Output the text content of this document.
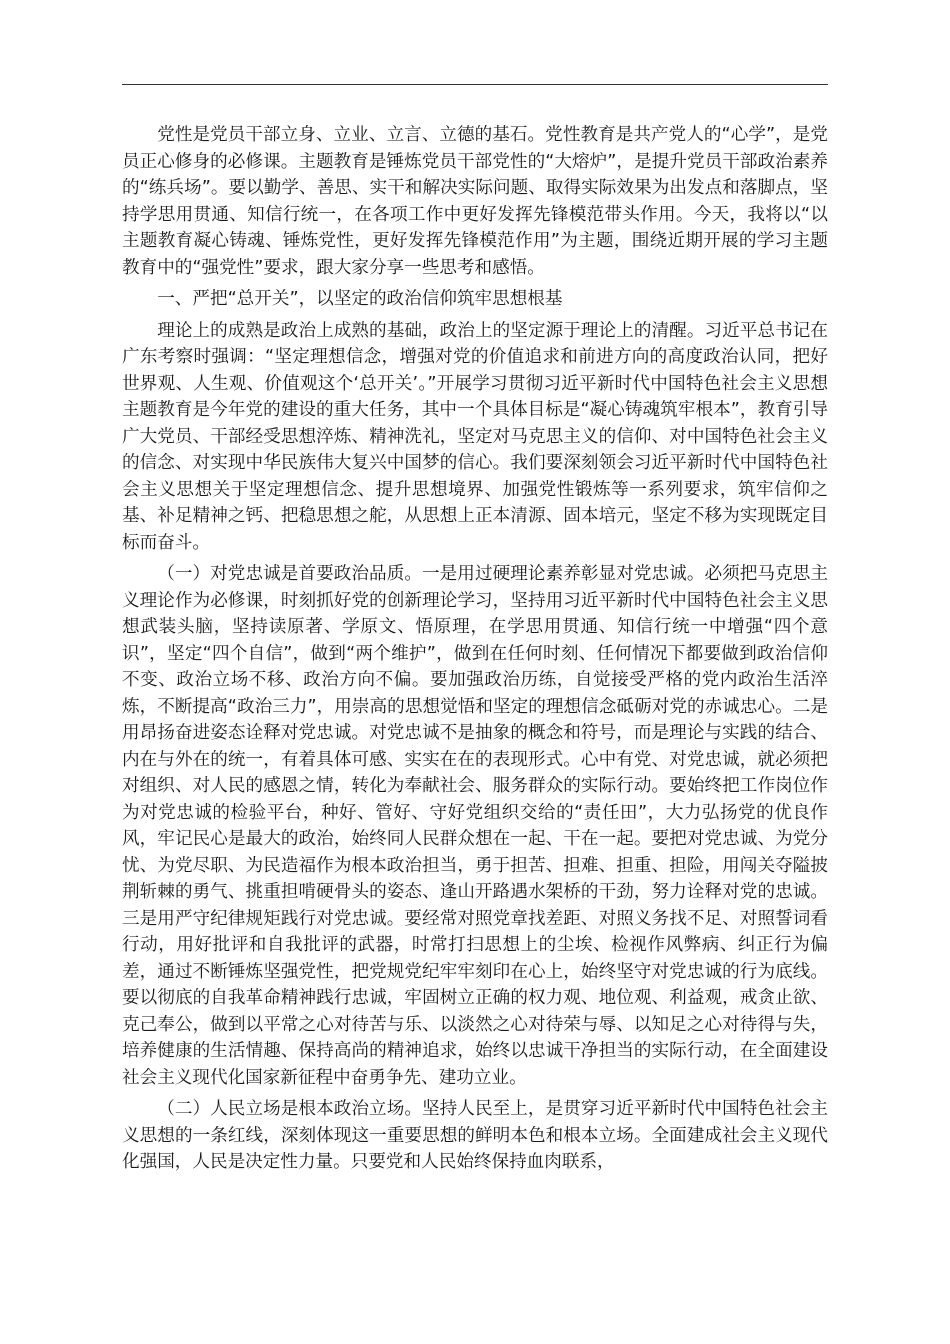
党性是党员干部立身、立业、立言、立德的基石。党性教育是共产党人的“心学”，是党员正心修身的必修课。主题教育是锤炼党员干部党性的“大熔炉”，是提升党员干部政治素养的“练兵场”。要以勤学、善思、实干和解决实际问题、取得实际效果为出发点和落脚点，坚持学思用贯通、知信行统一，在各项工作中更好发挥先锋模范带头作用。今天，我将以“以主题教育凝心铸魂、锤炼党性，更好发挥先锋模范作用”为主题，围绕近期开展的学习主题教育中的“强党性”要求，跟大家分享一些思考和感悟。

一、严把“总开关”，以坚定的政治信仰筑牢思想根基

理论上的成熟是政治上成熟的基础，政治上的坚定源于理论上的清醒。习近平总书记在广东考察时强调：“坚定理想信念，增强对党的价值追求和前进方向的高度政治认同，把好世界观、人生观、价值观这个‘总开关’。”开展学习贯彻习近平新时代中国特色社会主义思想主题教育是今年党的建设的重大任务，其中一个具体目标是“凝心铸魂筑牢根本”，教育引导广大党员、干部经受思想淬炼、精神洗礼，坚定对马克思主义的信仰、对中国特色社会主义的信念、对实现中华民族伟大复兴中国梦的信心。我们要深刻领会习近平新时代中国特色社会主义思想关于坚定理想信念、提升思想境界、加强党性锻炼等一系列要求，筑牢信仰之基、补足精神之钙、把稳思想之舵，从思想上正本清源、固本培元，坚定不移为实现既定目标而奋斗。

（一）对党忠诚是首要政治品质。一是用过硬理论素养彰显对党忠诚。必须把马克思主义理论作为必修课，时刻抓好党的创新理论学习，坚持用习近平新时代中国特色社会主义思想武装头脑，坚持读原著、学原文、悟原理，在学思用贯通、知信行统一中增强“四个意识”，坚定“四个自信”，做到“两个维护”，做到在任何时刻、任何情况下都要做到政治信仰不变、政治立场不移、政治方向不偏。要加强政治历练，自觉接受严格的党内政治生活淬炼，不断提高“政治三力”，用崇高的思想觉悟和坚定的理想信念砥砺对党的赤诚忠心。二是用昂扬奋进姿态诠释对党忠诚。对党忠诚不是抽象的概念和符号，而是理论与实践的结合、内在与外在的统一，有着具体可感、实实在在的表现形式。心中有党、对党忠诚，就必须把对组织、对人民的感恩之情，转化为奉献社会、服务群众的实际行动。要始终把工作岗位作为对党忠诚的检验平台，种好、管好、守好党组织交给的“责任田”，大力弘扬党的优良作风，牢记民心是最大的政治，始终同人民群众想在一起、干在一起。要把对党忠诚、为党分忧、为党尽职、为民造福作为根本政治担当，勇于担苦、担难、担重、担险，用闯关夺隘披荆斩棘的勇气、挑重担啃硬骨头的姿态、逢山开路遇水架桥的干劲，努力诠释对党的忠诚。三是用严守纪律规矩践行对党忠诚。要经常对照党章找差距、对照义务找不足、对照誓词看行动，用好批评和自我批评的武器，时常打扫思想上的尘埃、检视作风弊病、纠正行为偏差，通过不断锤炼坚强党性，把党规党纪牢牢刻印在心上，始终坚守对党忠诚的行为底线。要以彻底的自我革命精神践行忠诚，牢固树立正确的权力观、地位观、利益观，戒贪止欲、克己奉公，做到以平常之心对待苦与乐、以淡然之心对待荣与辱、以知足之心对待得与失，培养健康的生活情趣、保持高尚的精神追求，始终以忠诚干净担当的实际行动，在全面建设社会主义现代化国家新征程中奋勇争先、建功立业。

（二）人民立场是根本政治立场。坚持人民至上，是贯穿习近平新时代中国特色社会主义思想的一条红线，深刻体现这一重要思想的鲜明本色和根本立场。全面建成社会主义现代化强国，人民是决定性力量。只要党和人民始终保持血肉联系，
